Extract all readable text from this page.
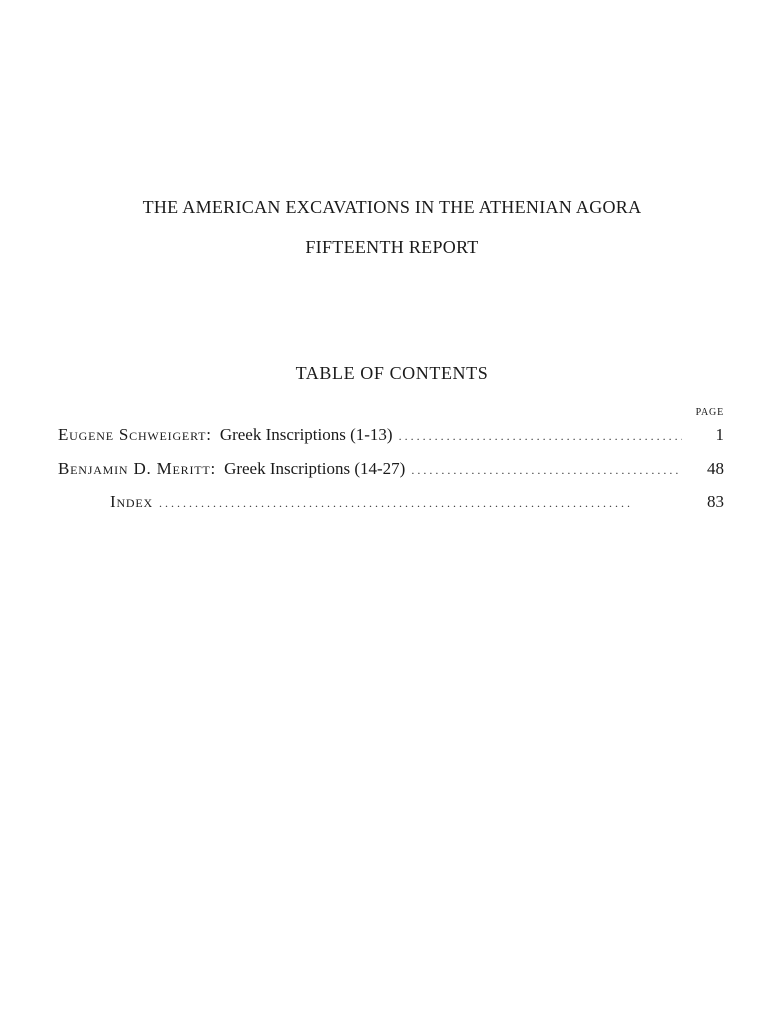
THE AMERICAN EXCAVATIONS IN THE ATHENIAN AGORA
FIFTEENTH REPORT
TABLE OF CONTENTS
PAGE
Eugene Schweigert: Greek Inscriptions (1-13) . . .	1
Benjamin D. Meritt: Greek Inscriptions (14-27) . . .	48
Index . . .	83
